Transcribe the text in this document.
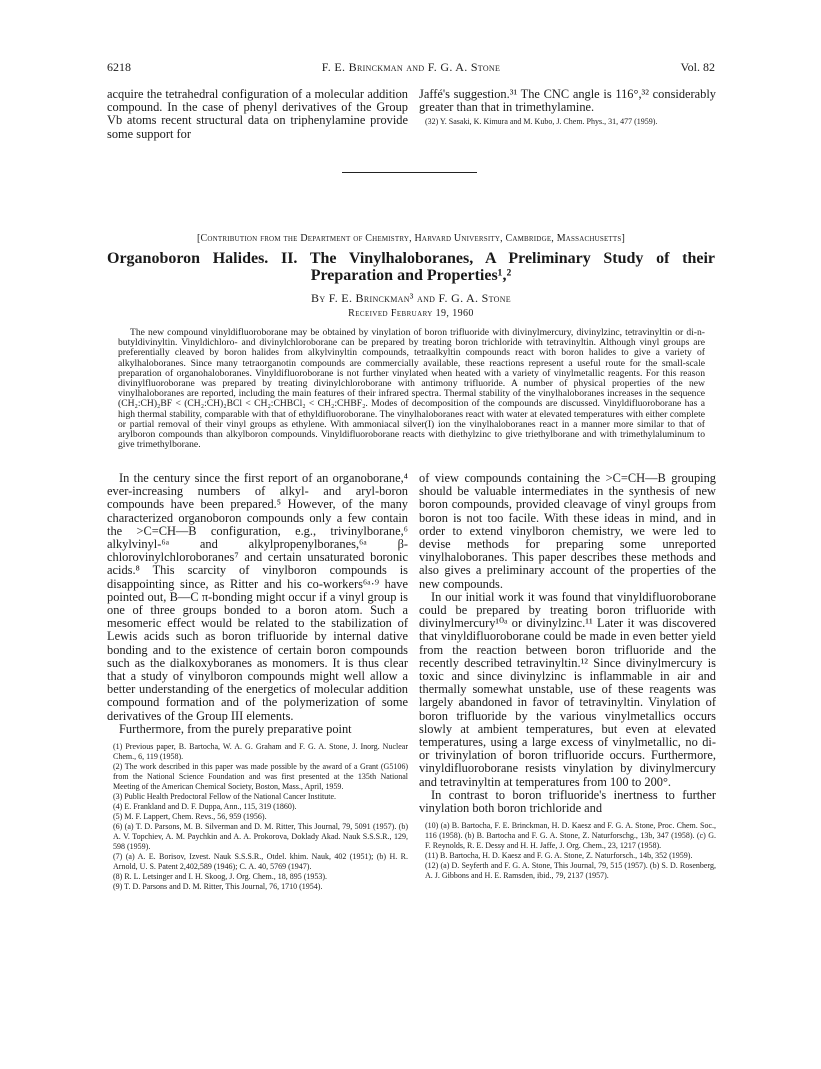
6218	F. E. Brinckman and F. G. A. Stone	Vol. 82

acquire the tetrahedral configuration of a molecular addition compound. In the case of phenyl derivatives of the Group Vb atoms recent structural data on triphenylamine provide some support for

Jaffé's suggestion.³¹ The CNC angle is 116°,³² considerably greater than that in trimethylamine.

(32) Y. Sasaki, K. Kimura and M. Kubo, J. Chem. Phys., 31, 477 (1959).

[Contribution from the Department of Chemistry, Harvard University, Cambridge, Massachusetts]
Organoboron Halides. II. The Vinylhaloboranes, A Preliminary Study of their
Preparation and Properties¹,²
By F. E. Brinckman³ and F. G. A. Stone
Received February 19, 1960

The new compound vinyldifluoroborane may be obtained by vinylation of boron trifluoride with divinylmercury, divinylzinc, tetravinyltin or di-n-butyldivinyltin. Vinyldichloro- and divinylchloroborane can be prepared by treating boron trichloride with tetravinyltin. Although vinyl groups are preferentially cleaved by boron halides from alkylvinyltin compounds, tetraalkyltin compounds react with boron halides to give a variety of alkylhaloboranes. Since many tetraorganotin compounds are commercially available, these reactions represent a useful route for the small-scale preparation of organohaloboranes. Vinyldifluoroborane is not further vinylated when heated with a variety of vinylmetallic reagents. For this reason divinylfluoroborane was prepared by treating divinylchloroborane with antimony trifluoride. A number of physical properties of the new vinylhaloboranes are reported, including the main features of their infrared spectra. Thermal stability of the vinylhaloboranes increases in the sequence (CH₂:CH)₂BF < (CH₂:CH)₂BCl < CH₂:CHBCl₂ < CH₂:CHBF₂. Modes of decomposition of the compounds are discussed. Vinyldifluoroborane has a high thermal stability, comparable with that of ethyldifluoroborane. The vinylhaloboranes react with water at elevated temperatures with either complete or partial removal of their vinyl groups as ethylene. With ammoniacal silver(I) ion the vinylhaloboranes react in a manner more similar to that of arylboron compounds than alkylboron compounds. Vinyldifluoroborane reacts with diethylzinc to give triethylborane and with trimethylaluminum to give trimethylborane.

In the century since the first report of an organoborane,⁴ ever-increasing numbers of alkyl- and aryl-boron compounds have been prepared.⁵ However, of the many characterized organoboron compounds only a few contain the >C=CH—B configuration, e.g., trivinylborane,⁶ alkylvinyl-⁶ᵃ and alkylpropenylboranes,⁶ᵃ β-chlorovinylchloroboranes⁷ and certain unsaturated boronic acids.⁸ This scarcity of vinylboron compounds is disappointing since, as Ritter and his co-workers⁶ᵃ·⁹ have pointed out, B—C π-bonding might occur if a vinyl group is one of three groups bonded to a boron atom. Such a mesomeric effect would be related to the stabilization of Lewis acids such as boron trifluoride by internal dative bonding and to the existence of certain boron compounds such as the dialkoxyboranes as monomers. It is thus clear that a study of vinylboron compounds might well allow a better understanding of the energetics of molecular addition compound formation and of the polymerization of some derivatives of the Group III elements.

Furthermore, from the purely preparative point

(1) Previous paper, B. Bartocha, W. A. G. Graham and F. G. A. Stone, J. Inorg. Nuclear Chem., 6, 119 (1958).

(2) The work described in this paper was made possible by the award of a Grant (G5106) from the National Science Foundation and was first presented at the 135th National Meeting of the American Chemical Society, Boston, Mass., April, 1959.

(3) Public Health Predoctoral Fellow of the National Cancer Institute.

(4) E. Frankland and D. F. Duppa, Ann., 115, 319 (1860).

(5) M. F. Lappert, Chem. Revs., 56, 959 (1956).

(6) (a) T. D. Parsons, M. B. Silverman and D. M. Ritter, This Journal, 79, 5091 (1957). (b) A. V. Topchiev, A. M. Paychkin and A. A. Prokorova, Doklady Akad. Nauk S.S.S.R., 129, 598 (1959).

(7) (a) A. E. Borisov, Izvest. Nauk S.S.S.R., Otdel. khim. Nauk, 402 (1951); (b) H. R. Arnold, U. S. Patent 2,402,589 (1946); C. A. 40, 5769 (1947).

(8) R. L. Letsinger and I. H. Skoog, J. Org. Chem., 18, 895 (1953).

(9) T. D. Parsons and D. M. Ritter, This Journal, 76, 1710 (1954).

of view compounds containing the >C=CH—B grouping should be valuable intermediates in the synthesis of new boron compounds, provided cleavage of vinyl groups from boron is not too facile. With these ideas in mind, and in order to extend vinylboron chemistry, we were led to devise methods for preparing some unreported vinylhaloboranes. This paper describes these methods and also gives a preliminary account of the properties of the new compounds.

In our initial work it was found that vinyldifluoroborane could be prepared by treating boron trifluoride with divinylmercury¹⁰ᵃ or divinylzinc.¹¹ Later it was discovered that vinyldifluoroborane could be made in even better yield from the reaction between boron trifluoride and the recently described tetravinyltin.¹² Since divinylmercury is toxic and since divinylzinc is inflammable in air and thermally somewhat unstable, use of these reagents was largely abandoned in favor of tetravinyltin. Vinylation of boron trifluoride by the various vinylmetallics occurs slowly at ambient temperatures, but even at elevated temperatures, using a large excess of vinylmetallic, no di- or trivinylation of boron trifluoride occurs. Furthermore, vinyldifluoroborane resists vinylation by divinylmercury and tetravinyltin at temperatures from 100 to 200°.

In contrast to boron trifluoride's inertness to further vinylation both boron trichloride and

(10) (a) B. Bartocha, F. E. Brinckman, H. D. Kaesz and F. G. A. Stone, Proc. Chem. Soc., 116 (1958). (b) B. Bartocha and F. G. A. Stone, Z. Naturforschg., 13b, 347 (1958). (c) G. F. Reynolds, R. E. Dessy and H. H. Jaffe, J. Org. Chem., 23, 1217 (1958).

(11) B. Bartocha, H. D. Kaesz and F. G. A. Stone, Z. Naturforsch., 14b, 352 (1959).

(12) (a) D. Seyferth and F. G. A. Stone, This Journal, 79, 515 (1957). (b) S. D. Rosenberg, A. J. Gibbons and H. E. Ramsden, ibid., 79, 2137 (1957).
